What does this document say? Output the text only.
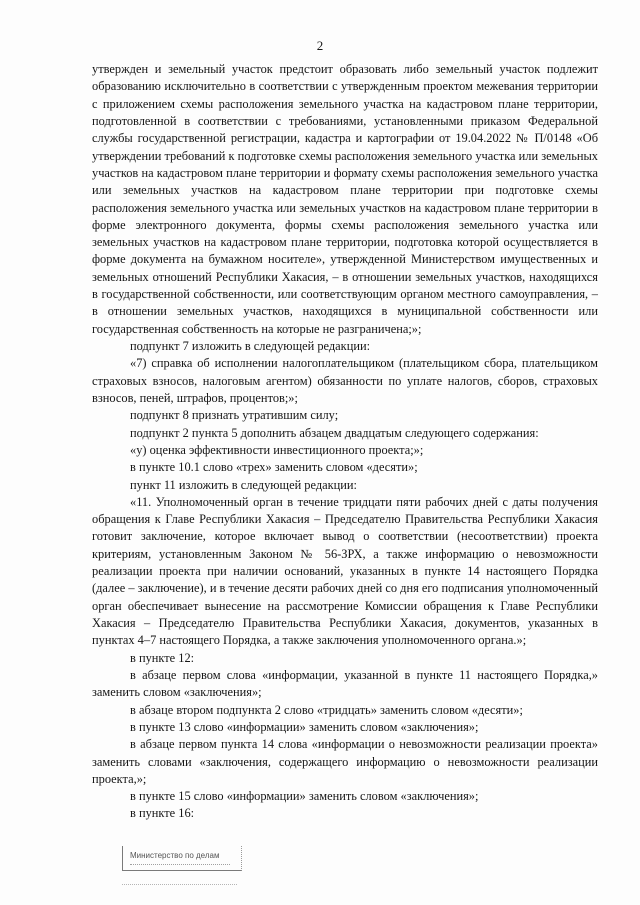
2

утвержден и земельный участок предстоит образовать либо земельный участок подлежит образованию исключительно в соответствии с утвержденным проектом межевания территории с приложением схемы расположения земельного участка на кадастровом плане территории, подготовленной в соответствии с требованиями, установленными приказом Федеральной службы государственной регистрации, кадастра и картографии от 19.04.2022 № П/0148 «Об утверждении требований к подготовке схемы расположения земельного участка или земельных участков на кадастровом плане территории и формату схемы расположения земельного участка или земельных участков на кадастровом плане территории при подготовке схемы расположения земельного участка или земельных участков на кадастровом плане территории в форме электронного документа, формы схемы расположения земельного участка или земельных участков на кадастровом плане территории, подготовка которой осуществляется в форме документа на бумажном носителе», утвержденной Министерством имущественных и земельных отношений Республики Хакасия, – в отношении земельных участков, находящихся в государственной собственности, или соответствующим органом местного самоуправления, – в отношении земельных участков, находящихся в муниципальной собственности или государственная собственность на которые не разграничена;»;

подпункт 7 изложить в следующей редакции:

«7) справка об исполнении налогоплательщиком (плательщиком сбора, плательщиком страховых взносов, налоговым агентом) обязанности по уплате налогов, сборов, страховых взносов, пеней, штрафов, процентов;»;

подпункт 8 признать утратившим силу;

подпункт 2 пункта 5 дополнить абзацем двадцатым следующего содержания:

«у) оценка эффективности инвестиционного проекта;»;

в пункте 10.1 слово «трех» заменить словом «десяти»;

пункт 11 изложить в следующей редакции:

«11. Уполномоченный орган в течение тридцати пяти рабочих дней с даты получения обращения к Главе Республики Хакасия – Председателю Правительства Республики Хакасия готовит заключение, которое включает вывод о соответствии (несоответствии) проекта критериям, установленным Законом № 56-ЗРХ, а также информацию о невозможности реализации проекта при наличии оснований, указанных в пункте 14 настоящего Порядка (далее – заключение), и в течение десяти рабочих дней со дня его подписания уполномоченный орган обеспечивает вынесение на рассмотрение Комиссии обращения к Главе Республики Хакасия – Председателю Правительства Республики Хакасия, документов, указанных в пунктах 4–7 настоящего Порядка, а также заключения уполномоченного органа.»;

в пункте 12:

в абзаце первом слова «информации, указанной в пункте 11 настоящего Порядка,» заменить словом «заключения»;

в абзаце втором подпункта 2 слово «тридцать» заменить словом «десяти»;

в пункте 13 слово «информации» заменить словом «заключения»;

в абзаце первом пункта 14 слова «информации о невозможности реализации проекта» заменить словами «заключения, содержащего информацию о невозможности реализации проекта,»;

в пункте 15 слово «информации» заменить словом «заключения»;

в пункте 16:

Министерство по делам
